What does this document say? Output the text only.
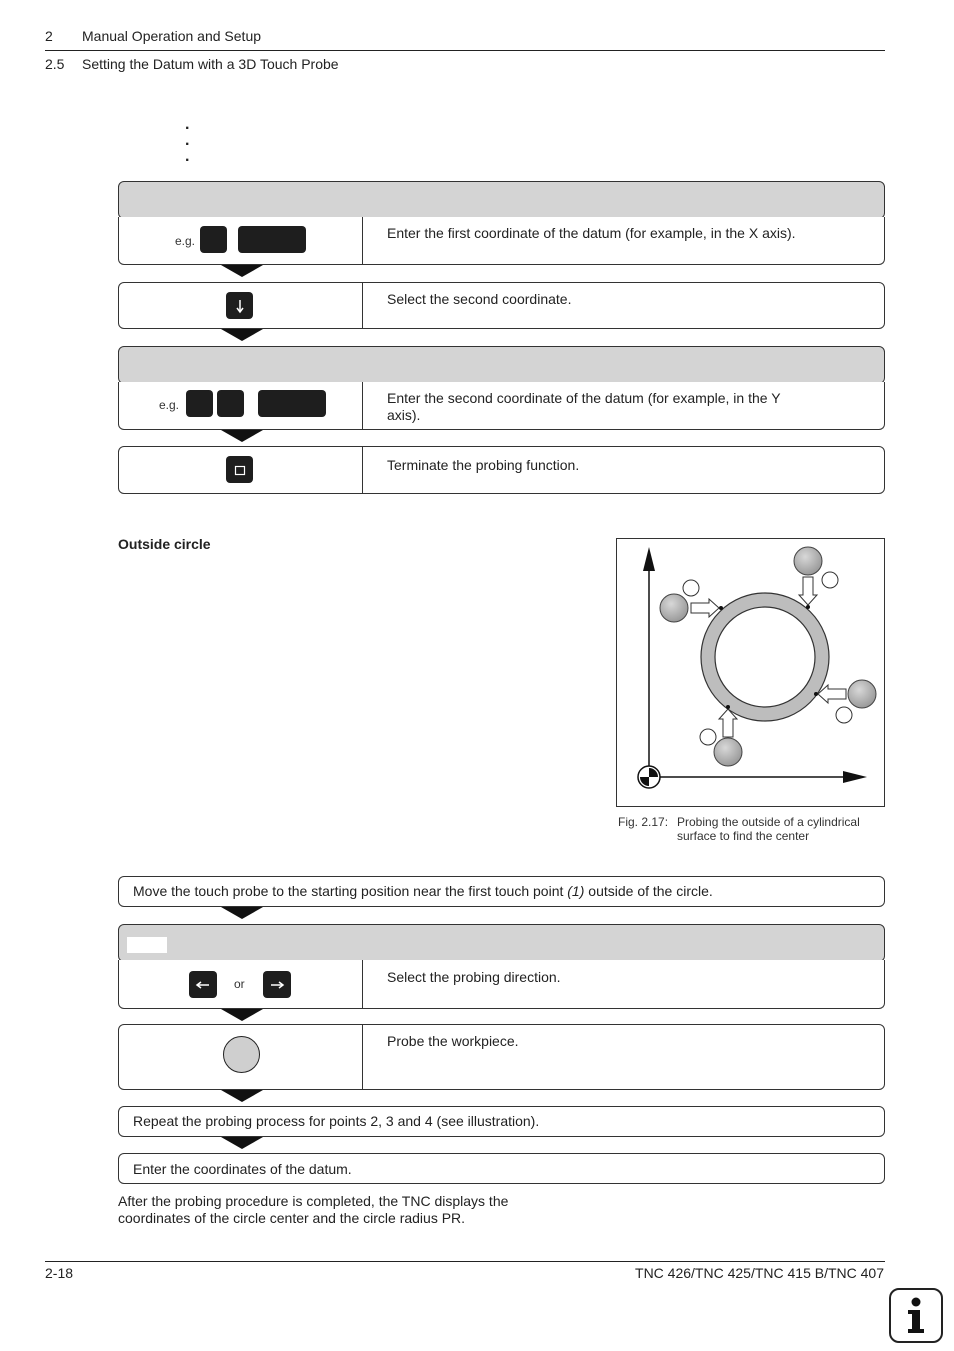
2 Manual Operation and Setup
2.5 Setting the Datum with a 3D Touch Probe
.
.
.
e.g.	Enter the first coordinate of the datum (for example, in the X axis).
Select the second coordinate.
e.g.	Enter the second coordinate of the datum (for example, in the Y axis).
Terminate the probing function.
Outside circle
Fig. 2.17: Probing the outside of a cylindrical
surface to find the center
Move the touch probe to the starting position near the first touch point (1) outside of the circle.
or	Select the probing direction.
Probe the workpiece.
Repeat the probing process for points 2, 3 and 4 (see illustration).
Enter the coordinates of the datum.
After the probing procedure is completed, the TNC displays the
coordinates of the circle center and the circle radius PR.
2-18	TNC 426/TNC 425/TNC 415 B/TNC 407
